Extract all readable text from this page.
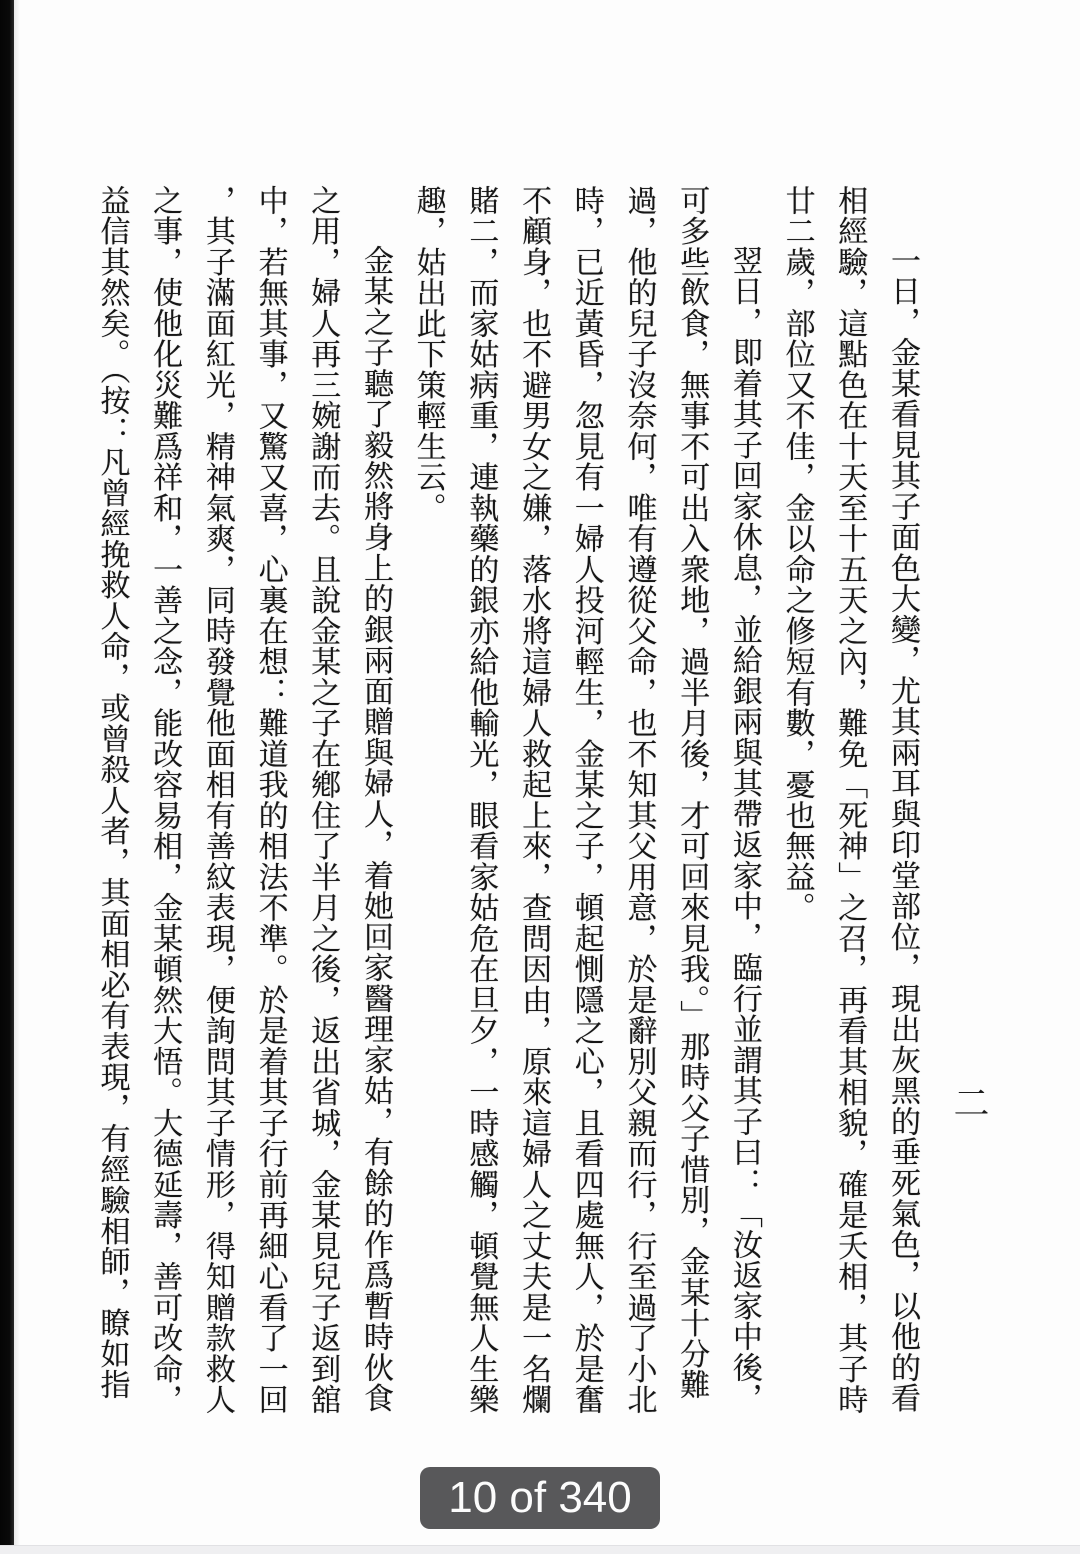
一日，金某看見其子面色大變，尤其兩耳與印堂部位，現出灰黑的垂死氣色，以他的看相經驗，這點色在十天至十五天之內，難免「死神」之召，再看其相貌，確是夭相，其子時廿二歲，部位又不佳，金以命之修短有數，憂也無益。

翌日，即着其子回家休息，並給銀兩與其帶返家中，臨行並謂其子曰：「汝返家中後，可多些飲食，無事不可出入衆地，過半月後，才可回來見我。」那時父子惜別，金某十分難過，他的兒子沒奈何，唯有遵從父命，也不知其父用意，於是辭別父親而行，行至過了小北時，已近黃昏，忽見有一婦人投河輕生，金某之子，頓起惻隱之心，且看四處無人，於是奮不顧身，也不避男女之嫌，落水將這婦人救起上來，查問因由，原來這婦人之丈夫是一名爛賭二，而家姑病重，連執藥的銀亦給他輸光，眼看家姑危在旦夕，一時感觸，頓覺無人生樂趣，姑出此下策輕生云。

金某之子聽了毅然將身上的銀兩面贈與婦人，着她回家醫理家姑，有餘的作爲暫時伙食之用，婦人再三婉謝而去。且說金某之子在鄕住了半月之後，返出省城，金某見兒子返到舘中，若無其事，又驚又喜，心裏在想：難道我的相法不準。於是着其子行前再細心看了一回，其子滿面紅光，精神氣爽，同時發覺他面相有善紋表現，便詢問其子情形，得知贈款救人之事，使他化災難爲祥和，一善之念，能改容易相，金某頓然大悟。大德延壽，善可改命，益信其然矣。（按：凡曾經挽救人命，或曾殺人者，其面相必有表現，有經驗相師，瞭如指	二
10 of 340
